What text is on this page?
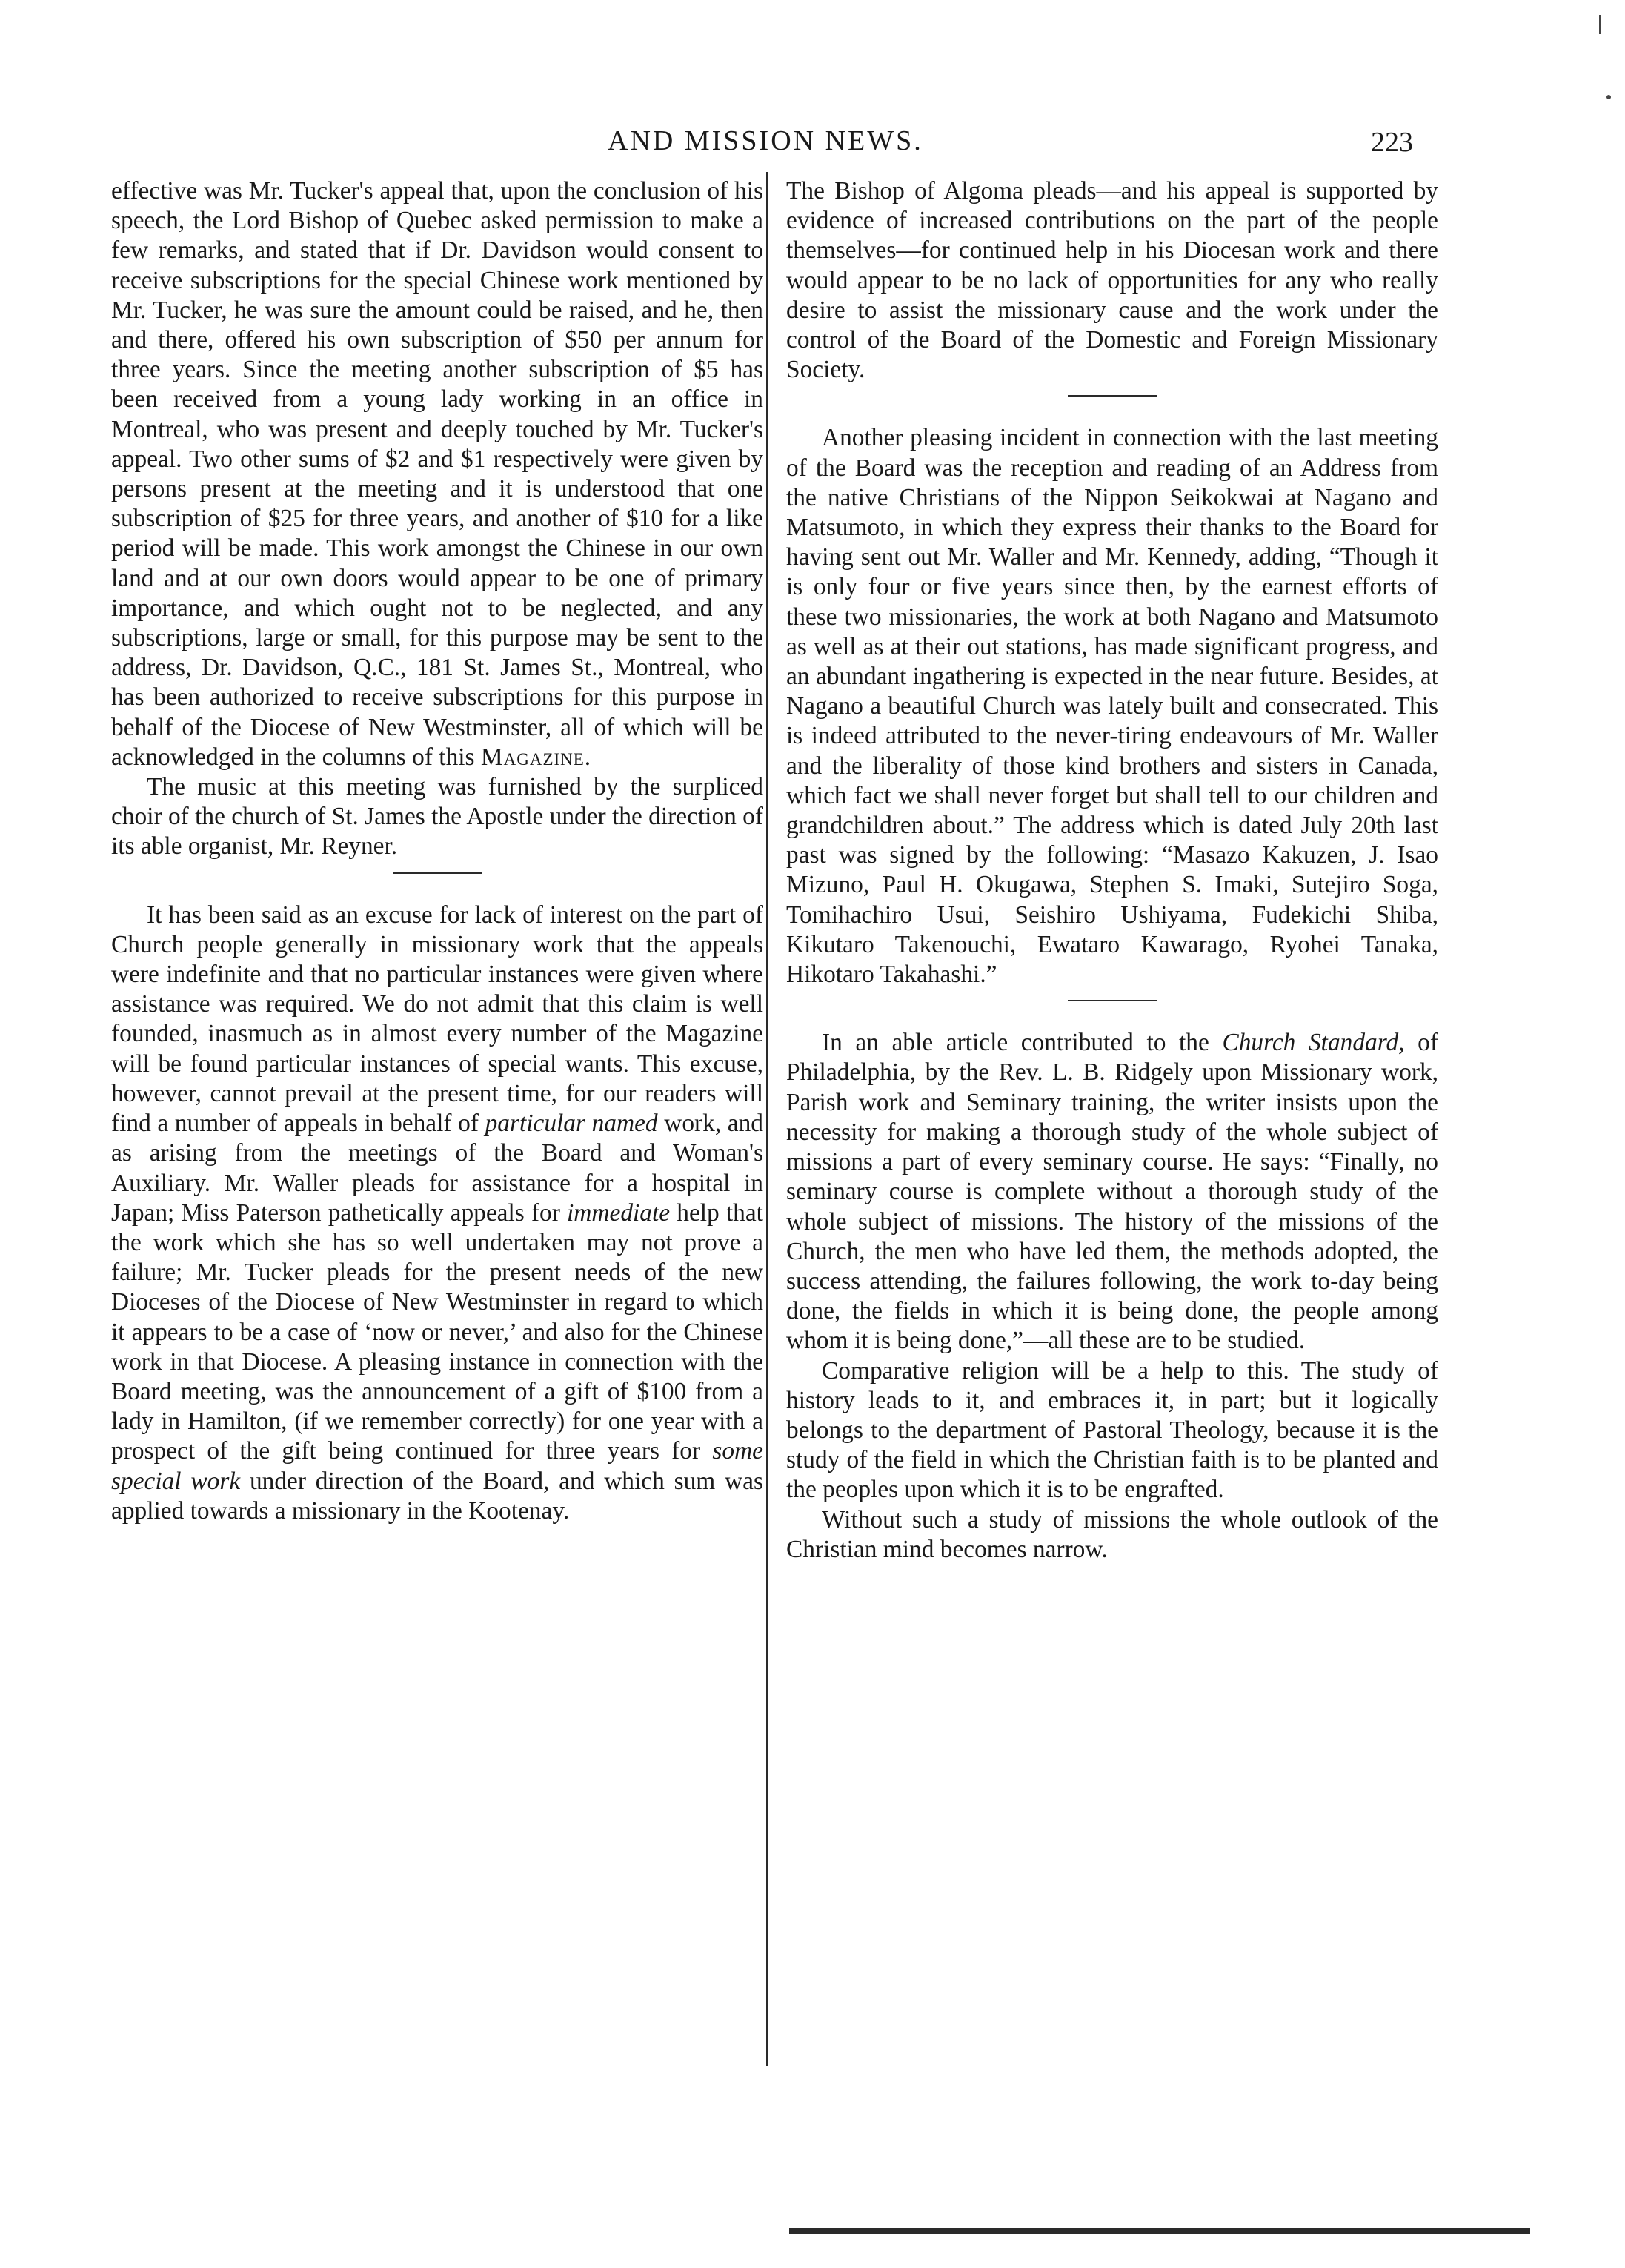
AND MISSION NEWS.	223

effective was Mr. Tucker's appeal that, upon the conclusion of his speech, the Lord Bishop of Quebec asked permission to make a few remarks, and stated that if Dr. Davidson would consent to receive subscriptions for the special Chinese work mentioned by Mr. Tucker, he was sure the amount could be raised, and he, then and there, offered his own subscription of $50 per annum for three years. Since the meeting another subscription of $5 has been received from a young lady working in an office in Montreal, who was present and deeply touched by Mr. Tucker's appeal. Two other sums of $2 and $1 respectively were given by persons present at the meeting and it is understood that one subscription of $25 for three years, and another of $10 for a like period will be made. This work amongst the Chinese in our own land and at our own doors would appear to be one of primary importance, and which ought not to be neglected, and any subscriptions, large or small, for this purpose may be sent to the address, Dr. Davidson, Q.C., 181 St. James St., Montreal, who has been authorized to receive subscriptions for this purpose in behalf of the Diocese of New Westminster, all of which will be acknowledged in the columns of this Magazine.

The music at this meeting was furnished by the surpliced choir of the church of St. James the Apostle under the direction of its able organist, Mr. Reyner.

It has been said as an excuse for lack of interest on the part of Church people generally in missionary work that the appeals were indefinite and that no particular instances were given where assistance was required. We do not admit that this claim is well founded, inasmuch as in almost every number of the Magazine will be found particular instances of special wants. This excuse, however, cannot prevail at the present time, for our readers will find a number of appeals in behalf of particular named work, and as arising from the meetings of the Board and Woman's Auxiliary. Mr. Waller pleads for assistance for a hospital in Japan; Miss Paterson pathetically appeals for immediate help that the work which she has so well undertaken may not prove a failure; Mr. Tucker pleads for the present needs of the new Dioceses of the Diocese of New Westminster in regard to which it appears to be a case of ‘now or never,’ and also for the Chinese work in that Diocese. A pleasing instance in connection with the Board meeting, was the announcement of a gift of $100 from a lady in Hamilton, (if we remember correctly) for one year with a prospect of the gift being continued for three years for some special work under direction of the Board, and which sum was applied towards a missionary in the Kootenay.

The Bishop of Algoma pleads—and his appeal is supported by evidence of increased contributions on the part of the people themselves—for continued help in his Diocesan work and there would appear to be no lack of opportunities for any who really desire to assist the missionary cause and the work under the control of the Board of the Domestic and Foreign Missionary Society.

Another pleasing incident in connection with the last meeting of the Board was the reception and reading of an Address from the native Christians of the Nippon Seikokwai at Nagano and Matsumoto, in which they express their thanks to the Board for having sent out Mr. Waller and Mr. Kennedy, adding, “Though it is only four or five years since then, by the earnest efforts of these two missionaries, the work at both Nagano and Matsumoto as well as at their out stations, has made significant progress, and an abundant ingathering is expected in the near future. Besides, at Nagano a beautiful Church was lately built and consecrated. This is indeed attributed to the never-tiring endeavours of Mr. Waller and the liberality of those kind brothers and sisters in Canada, which fact we shall never forget but shall tell to our children and grandchildren about.” The address which is dated July 20th last past was signed by the following: “Masazo Kakuzen, J. Isao Mizuno, Paul H. Okugawa, Stephen S. Imaki, Sutejiro Soga, Tomihachiro Usui, Seishiro Ushiyama, Fudekichi Shiba, Kikutaro Takenouchi, Ewataro Kawarago, Ryohei Tanaka, Hikotaro Takahashi.”

In an able article contributed to the Church Standard, of Philadelphia, by the Rev. L. B. Ridgely upon Missionary work, Parish work and Seminary training, the writer insists upon the necessity for making a thorough study of the whole subject of missions a part of every seminary course. He says: “Finally, no seminary course is complete without a thorough study of the whole subject of missions. The history of the missions of the Church, the men who have led them, the methods adopted, the success attending, the failures following, the work to-day being done, the fields in which it is being done, the people among whom it is being done,”—all these are to be studied.

Comparative religion will be a help to this. The study of history leads to it, and embraces it, in part; but it logically belongs to the department of Pastoral Theology, because it is the study of the field in which the Christian faith is to be planted and the peoples upon which it is to be engrafted.

Without such a study of missions the whole outlook of the Christian mind becomes narrow.
